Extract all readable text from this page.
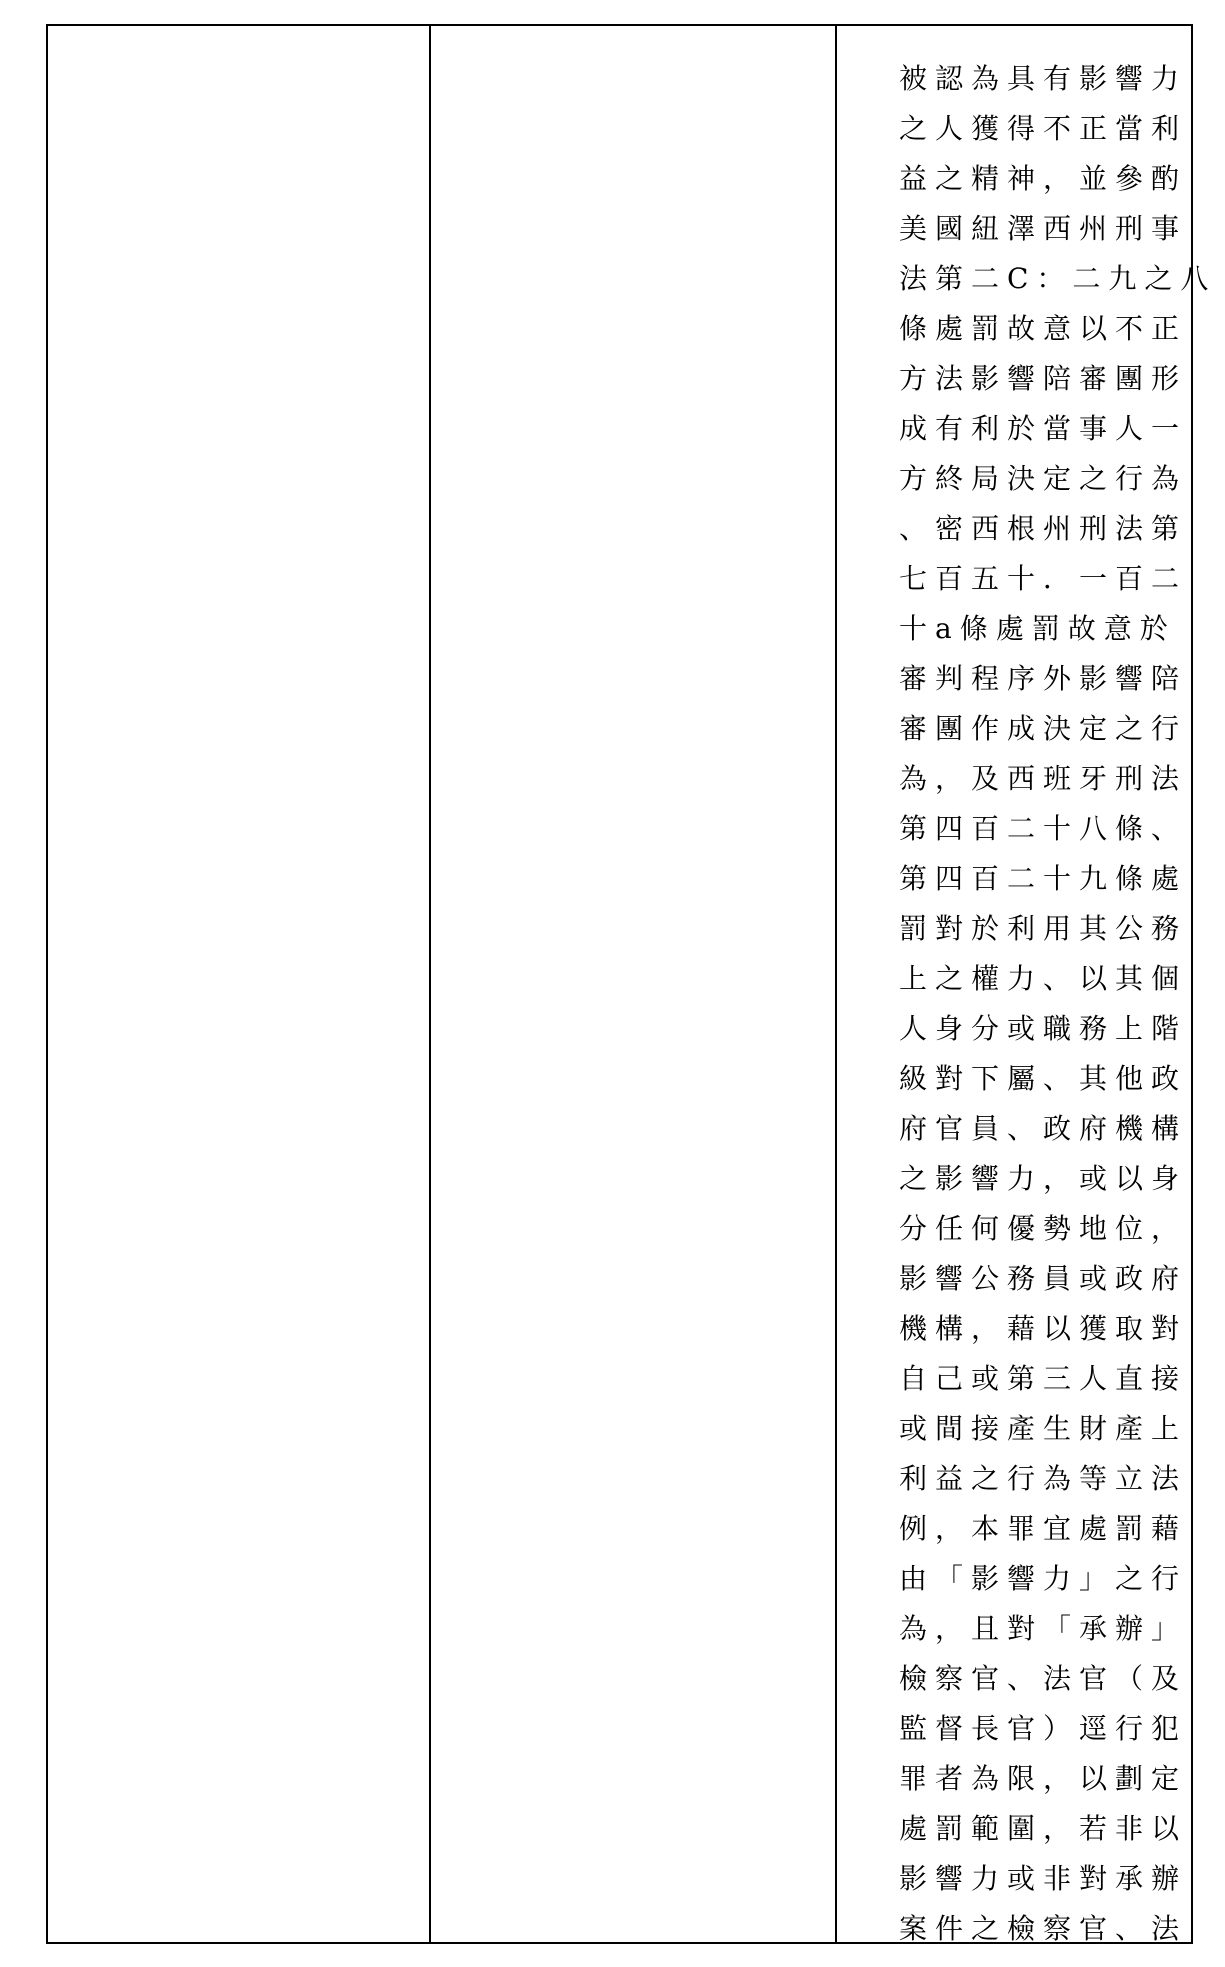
被認為具有影響力
之人獲得不正當利
益之精神，並參酌
美國紐澤西州刑事
法第二C：二九之八
條處罰故意以不正
方法影響陪審團形
成有利於當事人一
方終局決定之行為
、密西根州刑法第
七百五十．一百二
十a條處罰故意於
審判程序外影響陪
審團作成決定之行
為，及西班牙刑法
第四百二十八條、
第四百二十九條處
罰對於利用其公務
上之權力、以其個
人身分或職務上階
級對下屬、其他政
府官員、政府機構
之影響力，或以身
分任何優勢地位，
影響公務員或政府
機構，藉以獲取對
自己或第三人直接
或間接產生財產上
利益之行為等立法
例，本罪宜處罰藉
由「影響力」之行
為，且對「承辦」
檢察官、法官（及
監督長官）逕行犯
罪者為限，以劃定
處罰範圍，若非以
影響力或非對承辦
案件之檢察官、法
